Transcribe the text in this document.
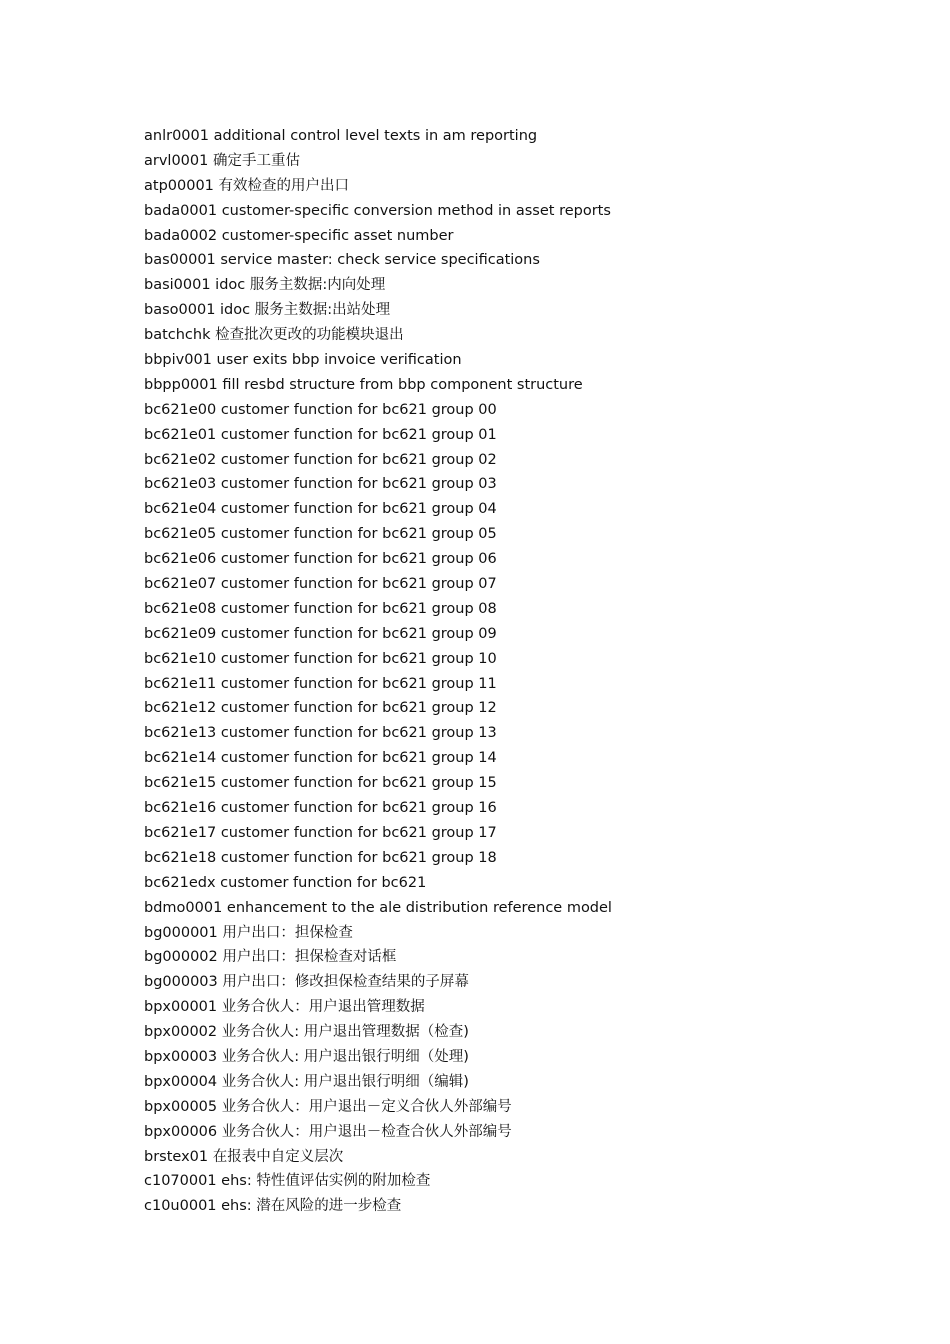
anlr0001 additional control level texts in am reporting
arvl0001 确定手工重估
atp00001 有效检查的用户出口
bada0001 customer-specific conversion method in asset reports
bada0002 customer-specific asset number
bas00001 service master: check service specifications
basi0001 idoc 服务主数据:内向处理
baso0001 idoc 服务主数据:出站处理
batchchk 检查批次更改的功能模块退出
bbpiv001 user exits bbp invoice verification
bbpp0001 fill resbd structure from bbp component structure
bc621e00 customer function for bc621 group 00
bc621e01 customer function for bc621 group 01
bc621e02 customer function for bc621 group 02
bc621e03 customer function for bc621 group 03
bc621e04 customer function for bc621 group 04
bc621e05 customer function for bc621 group 05
bc621e06 customer function for bc621 group 06
bc621e07 customer function for bc621 group 07
bc621e08 customer function for bc621 group 08
bc621e09 customer function for bc621 group 09
bc621e10 customer function for bc621 group 10
bc621e11 customer function for bc621 group 11
bc621e12 customer function for bc621 group 12
bc621e13 customer function for bc621 group 13
bc621e14 customer function for bc621 group 14
bc621e15 customer function for bc621 group 15
bc621e16 customer function for bc621 group 16
bc621e17 customer function for bc621 group 17
bc621e18 customer function for bc621 group 18
bc621edx customer function for bc621
bdmo0001 enhancement to the ale distribution reference model
bg000001 用户出口：担保检查
bg000002 用户出口：担保检查对话框
bg000003 用户出口：修改担保检查结果的子屏幕
bpx00001 业务合伙人：用户退出管理数据
bpx00002 业务合伙人: 用户退出管理数据（检查)
bpx00003 业务合伙人: 用户退出银行明细（处理)
bpx00004 业务合伙人: 用户退出银行明细（编辑)
bpx00005 业务合伙人：用户退出－定义合伙人外部编号
bpx00006 业务合伙人：用户退出－检查合伙人外部编号
brstex01 在报表中自定义层次
c1070001 ehs: 特性值评估实例的附加检查
c10u0001 ehs: 潜在风险的进一步检查
